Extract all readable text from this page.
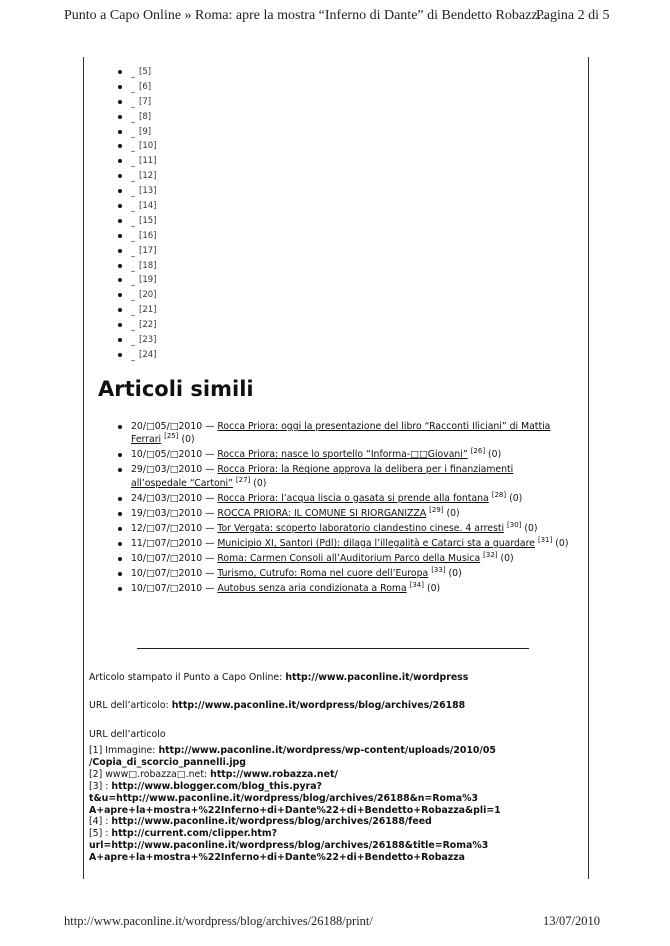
Punto a Capo Online » Roma: apre la mostra “Inferno di Dante” di Bendetto Robazz...
Pagina 2 di 5
[5]
[6]
[7]
[8]
[9]
[10]
[11]
[12]
[13]
[14]
[15]
[16]
[17]
[18]
[19]
[20]
[21]
[22]
[23]
[24]
Articoli simili
20/□05/□2010 — Rocca Priora: oggi la presentazione del libro “Racconti Iliciani” di Mattia Ferrari [25] (0)
10/□05/□2010 — Rocca Priora: nasce lo sportello “Informa-□□Giovani” [26] (0)
29/□03/□2010 — Rocca Priora: la Regione approva la delibera per i finanziamenti all’ospedale “Cartoni” [27] (0)
24/□03/□2010 — Rocca Priora: l’acqua liscia o gasata si prende alla fontana [28] (0)
19/□03/□2010 — ROCCA PRIORA: IL COMUNE SI RIORGANIZZA [29] (0)
12/□07/□2010 — Tor Vergata: scoperto laboratorio clandestino cinese. 4 arresti [30] (0)
11/□07/□2010 — Municipio XI, Santori (Pdl): dilaga l’illegalità e Catarci sta a guardare [31] (0)
10/□07/□2010 — Roma: Carmen Consoli all’Auditorium Parco della Musica [32] (0)
10/□07/□2010 — Turismo, Cutrufo: Roma nel cuore dell’Europa [33] (0)
10/□07/□2010 — Autobus senza aria condizionata a Roma [34] (0)
Articolo stampato il Punto a Capo Online: http://www.paconline.it/wordpress
URL dell’articolo: http://www.paconline.it/wordpress/blog/archives/26188
URL dell’articolo
[1] Immagine: http://www.paconline.it/wordpress/wp-content/uploads/2010/05
/Copia_di_scorcio_pannelli.jpg
[2] www□.robazza□.net: http://www.robazza.net/
[3] : http://www.blogger.com/blog_this.pyra?
t&u=http://www.paconline.it/wordpress/blog/archives/26188&n=Roma%3
A+apre+la+mostra+%22Inferno+di+Dante%22+di+Bendetto+Robazza&pli=1
[4] : http://www.paconline.it/wordpress/blog/archives/26188/feed
[5] : http://current.com/clipper.htm?
url=http://www.paconline.it/wordpress/blog/archives/26188&title=Roma%3
A+apre+la+mostra+%22Inferno+di+Dante%22+di+Bendetto+Robazza
http://www.paconline.it/wordpress/blog/archives/26188/print/	13/07/2010
